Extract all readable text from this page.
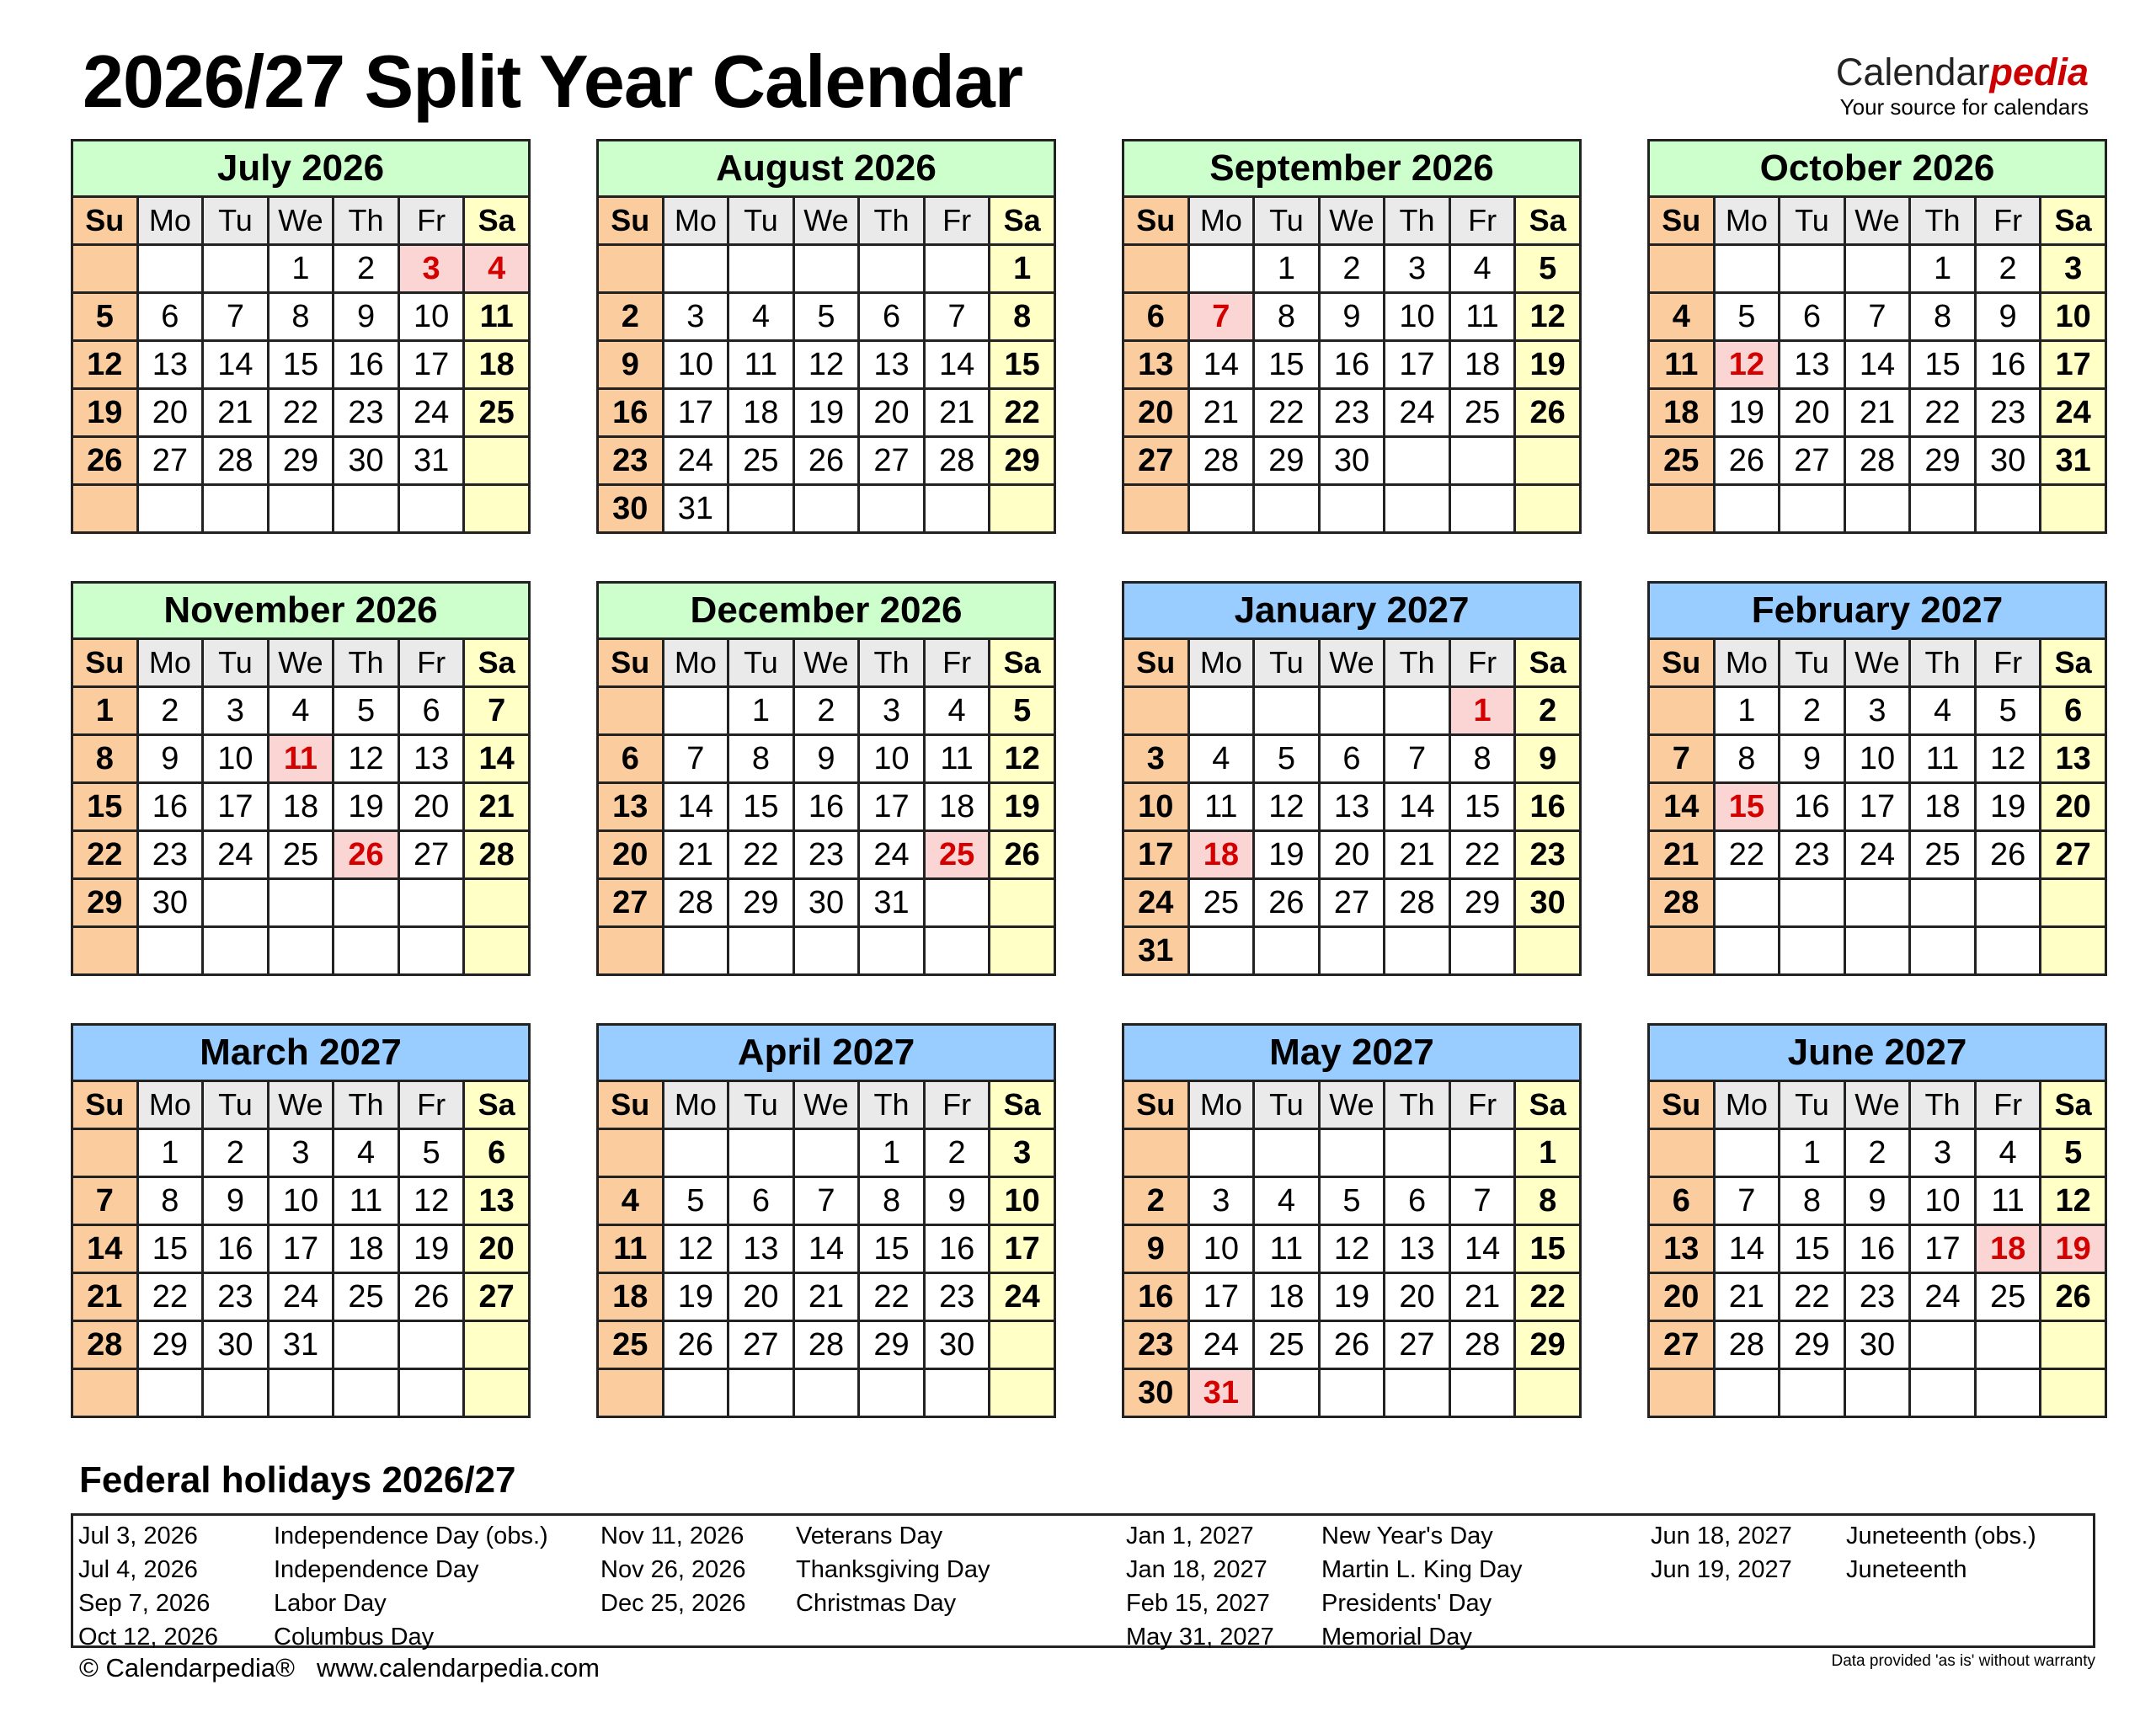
2026/27 Split Year Calendar	Calendarpedia
Your source for calendars
July 2026						
Su	Mo	Tu	We	Th	Fr	Sa
			1	2	3	4
5	6	7	8	9	10	11
12	13	14	15	16	17	18
19	20	21	22	23	24	25
26	27	28	29	30	31	

August 2026						
Su	Mo	Tu	We	Th	Fr	Sa
						1
2	3	4	5	6	7	8
9	10	11	12	13	14	15
16	17	18	19	20	21	22
23	24	25	26	27	28	29
30	31					
September 2026						
Su	Mo	Tu	We	Th	Fr	Sa
		1	2	3	4	5
6	7	8	9	10	11	12
13	14	15	16	17	18	19
20	21	22	23	24	25	26
27	28	29	30			

October 2026						
Su	Mo	Tu	We	Th	Fr	Sa
				1	2	3
4	5	6	7	8	9	10
11	12	13	14	15	16	17
18	19	20	21	22	23	24
25	26	27	28	29	30	31

November 2026						
Su	Mo	Tu	We	Th	Fr	Sa
1	2	3	4	5	6	7
8	9	10	11	12	13	14
15	16	17	18	19	20	21
22	23	24	25	26	27	28
29	30					

December 2026						
Su	Mo	Tu	We	Th	Fr	Sa
		1	2	3	4	5
6	7	8	9	10	11	12
13	14	15	16	17	18	19
20	21	22	23	24	25	26
27	28	29	30	31		

January 2027						
Su	Mo	Tu	We	Th	Fr	Sa
					1	2
3	4	5	6	7	8	9
10	11	12	13	14	15	16
17	18	19	20	21	22	23
24	25	26	27	28	29	30
31						
February 2027						
Su	Mo	Tu	We	Th	Fr	Sa
	1	2	3	4	5	6
7	8	9	10	11	12	13
14	15	16	17	18	19	20
21	22	23	24	25	26	27
28						

March 2027						
Su	Mo	Tu	We	Th	Fr	Sa
	1	2	3	4	5	6
7	8	9	10	11	12	13
14	15	16	17	18	19	20
21	22	23	24	25	26	27
28	29	30	31			

April 2027						
Su	Mo	Tu	We	Th	Fr	Sa
				1	2	3
4	5	6	7	8	9	10
11	12	13	14	15	16	17
18	19	20	21	22	23	24
25	26	27	28	29	30	

May 2027						
Su	Mo	Tu	We	Th	Fr	Sa
						1
2	3	4	5	6	7	8
9	10	11	12	13	14	15
16	17	18	19	20	21	22
23	24	25	26	27	28	29
30	31					
June 2027						
Su	Mo	Tu	We	Th	Fr	Sa
		1	2	3	4	5
6	7	8	9	10	11	12
13	14	15	16	17	18	19
20	21	22	23	24	25	26
27	28	29	30			

Federal holidays 2026/27
Jul 3, 2026	Independence Day (obs.)
Jul 4, 2026	Independence Day
Sep 7, 2026	Labor Day
Oct 12, 2026 Columbus Day
Nov 11, 2026 Veterans Day
Nov 26, 2026 Thanksgiving Day
Dec 25, 2026 Christmas Day
Jan 1, 2027	New Year's Day
Jan 18, 2027 Martin L. King Day
Feb 15, 2027 Presidents' Day
May 31, 2027 Memorial Day
Jun 18, 2027 Juneteenth (obs.)
Jun 19, 2027 Juneteenth
© Calendarpedia® www.calendarpedia.com	Data provided 'as is' without warranty
